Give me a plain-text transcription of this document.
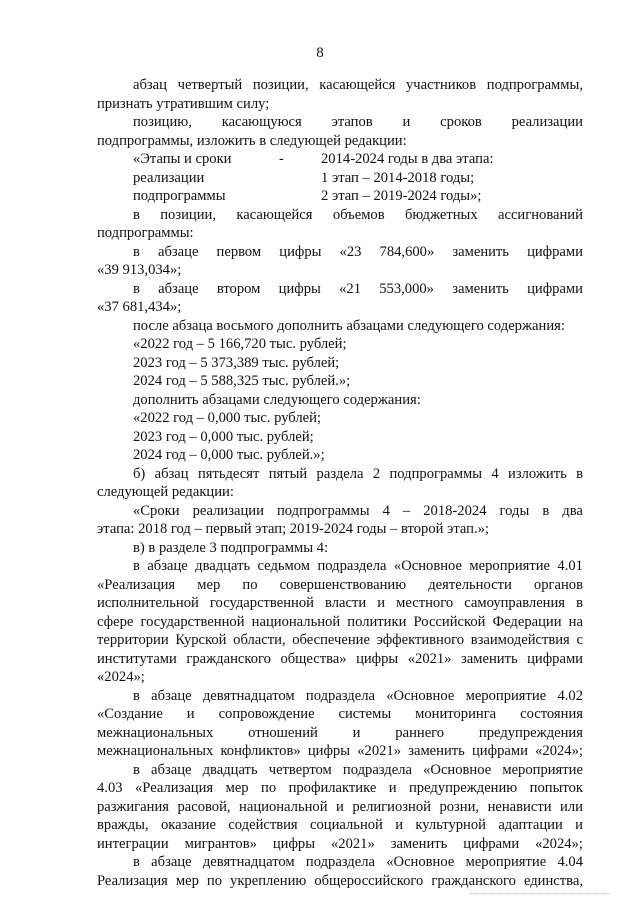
8
абзац четвертый позиции, касающейся участников подпрограммы,
признать утратившим силу;
позицию, касающуюся этапов и сроков реализации
подпрограммы, изложить в следующей редакции:
«Этапы и сроки	-	2014-2024 годы в два этапа:
реализации	1 этап – 2014-2018 годы;
подпрограммы	2 этап – 2019-2024 годы»;
в позиции, касающейся объемов бюджетных ассигнований
подпрограммы:
в абзаце первом цифры «23 784,600» заменить цифрами
«39 913,034»;
в абзаце втором цифры «21 553,000» заменить цифрами
«37 681,434»;
после абзаца восьмого дополнить абзацами следующего содержания:
«2022 год – 5 166,720 тыс. рублей;
2023 год – 5 373,389 тыс. рублей;
2024 год – 5 588,325 тыс. рублей.»;
дополнить абзацами следующего содержания:
«2022 год – 0,000 тыс. рублей;
2023 год – 0,000 тыс. рублей;
2024 год – 0,000 тыс. рублей.»;
б) абзац пятьдесят пятый раздела 2 подпрограммы 4 изложить в
следующей редакции:
«Сроки реализации подпрограммы 4 – 2018-2024 годы в два
этапа: 2018 год – первый этап; 2019-2024 годы – второй этап.»;
в) в разделе 3 подпрограммы 4:
в абзаце двадцать седьмом подраздела «Основное мероприятие 4.01
«Реализация мер по совершенствованию деятельности органов
исполнительной государственной власти и местного самоуправления в
сфере государственной национальной политики Российской Федерации на
территории Курской области, обеспечение эффективного взаимодействия с
институтами гражданского общества» цифры «2021» заменить цифрами
«2024»;
в абзаце девятнадцатом подраздела «Основное мероприятие 4.02
«Создание и сопровождение системы мониторинга состояния
межнациональных отношений и раннего предупреждения
межнациональных конфликтов» цифры «2021» заменить цифрами «2024»;
в абзаце двадцать четвертом подраздела «Основное мероприятие
4.03 «Реализация мер по профилактике и предупреждению попыток
разжигания расовой, национальной и религиозной розни, ненависти или
вражды, оказание содействия социальной и культурной адаптации и
интеграции мигрантов» цифры «2021» заменить цифрами «2024»;
в абзаце девятнадцатом подраздела «Основное мероприятие 4.04
Реализация мер по укреплению общероссийского гражданского единства,
